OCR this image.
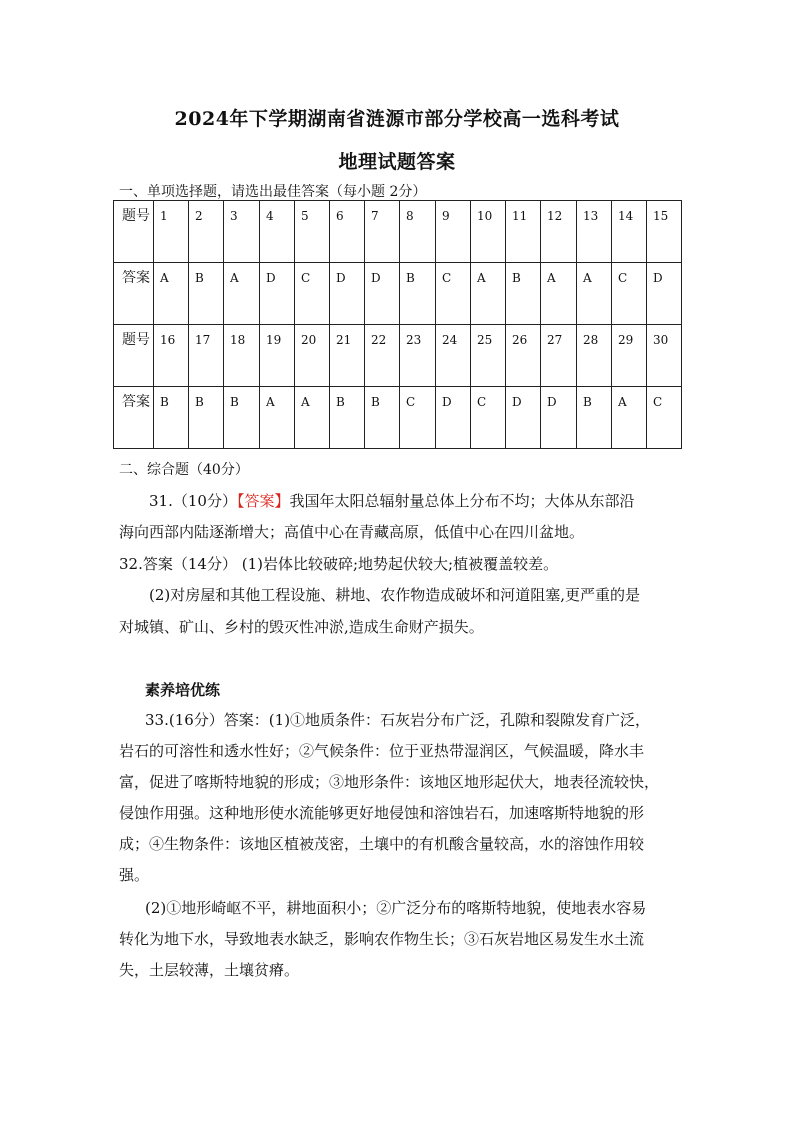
2024年下学期湖南省涟源市部分学校高一选科考试
地理试题答案
一、单项选择题，请选出最佳答案（每小题 2分）
题号	1	2	3	4	5	6	7	8	9	10	11	12	13	14	15
答案	A	B	A	D	C	D	D	B	C	A	B	A	A	C	D
题号	16	17	18	19	20	21	22	23	24	25	26	27	28	29	30
答案	B	B	B	A	A	B	B	C	D	C	D	D	B	A	C
二、综合题（40分）
31.（10分）【答案】我国年太阳总辐射量总体上分布不均；大体从东部沿
海向西部内陆逐渐增大；高值中心在青藏高原，低值中心在四川盆地。
32.答案（14分） (1)岩体比较破碎;地势起伏较大;植被覆盖较差。
(2)对房屋和其他工程设施、耕地、农作物造成破坏和河道阻塞,更严重的是
对城镇、矿山、乡村的毁灭性冲淤,造成生命财产损失。
素养培优练
33.(16分）答案：(1)①地质条件：石灰岩分布广泛，孔隙和裂隙发育广泛，
岩石的可溶性和透水性好；②气候条件：位于亚热带湿润区，气候温暖，降水丰
富，促进了喀斯特地貌的形成；③地形条件：该地区地形起伏大，地表径流较快，
侵蚀作用强。这种地形使水流能够更好地侵蚀和溶蚀岩石，加速喀斯特地貌的形
成；④生物条件：该地区植被茂密，土壤中的有机酸含量较高，水的溶蚀作用较
强。
(2)①地形崎岖不平，耕地面积小；②广泛分布的喀斯特地貌，使地表水容易
转化为地下水，导致地表水缺乏，影响农作物生长；③石灰岩地区易发生水土流
失，土层较薄，土壤贫瘠。
